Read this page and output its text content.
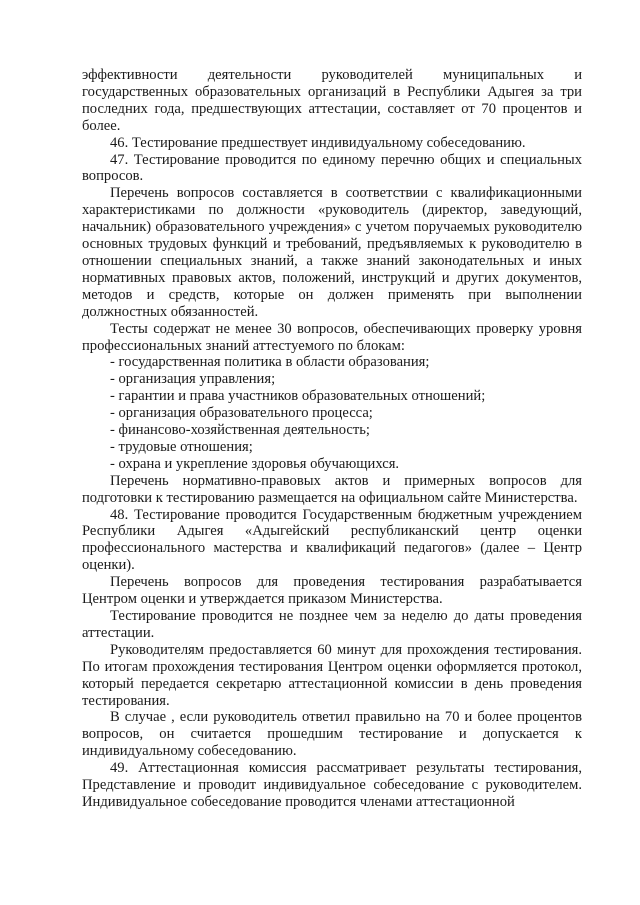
эффективности деятельности руководителей муниципальных и государственных образовательных организаций в Республики Адыгея за три последних года, предшествующих аттестации, составляет от 70 процентов и более.

46. Тестирование предшествует индивидуальному собеседованию.

47. Тестирование проводится по единому перечню общих и специальных вопросов.

Перечень вопросов составляется в соответствии с квалификационными характеристиками по должности «руководитель (директор, заведующий, начальник) образовательного учреждения» с учетом поручаемых руководителю основных трудовых функций и требований, предъявляемых к руководителю в отношении специальных знаний, а также знаний законодательных и иных нормативных правовых актов, положений, инструкций и других документов, методов и средств, которые он должен применять при выполнении должностных обязанностей.

Тесты содержат не менее 30 вопросов, обеспечивающих проверку уровня профессиональных знаний аттестуемого по блокам:

- государственная политика в области образования;

- организация управления;

- гарантии и права участников образовательных отношений;

- организация образовательного процесса;

- финансово-хозяйственная деятельность;

- трудовые отношения;

- охрана и укрепление здоровья обучающихся.

Перечень нормативно-правовых актов и примерных вопросов для подготовки к тестированию размещается на официальном сайте Министерства.

48. Тестирование проводится Государственным бюджетным учреждением Республики Адыгея «Адыгейский республиканский центр оценки профессионального мастерства и квалификаций педагогов» (далее – Центр оценки).

Перечень вопросов для проведения тестирования разрабатывается Центром оценки и утверждается приказом Министерства.

Тестирование проводится не позднее чем за неделю до даты проведения аттестации.

Руководителям предоставляется 60 минут для прохождения тестирования. По итогам прохождения тестирования Центром оценки оформляется протокол, который передается секретарю аттестационной комиссии в день проведения тестирования.

В случае , если руководитель ответил правильно на 70 и более процентов вопросов, он считается прошедшим тестирование и допускается к индивидуальному собеседованию.

49. Аттестационная комиссия рассматривает результаты тестирования, Представление и проводит индивидуальное собеседование с руководителем. Индивидуальное собеседование проводится членами аттестационной
